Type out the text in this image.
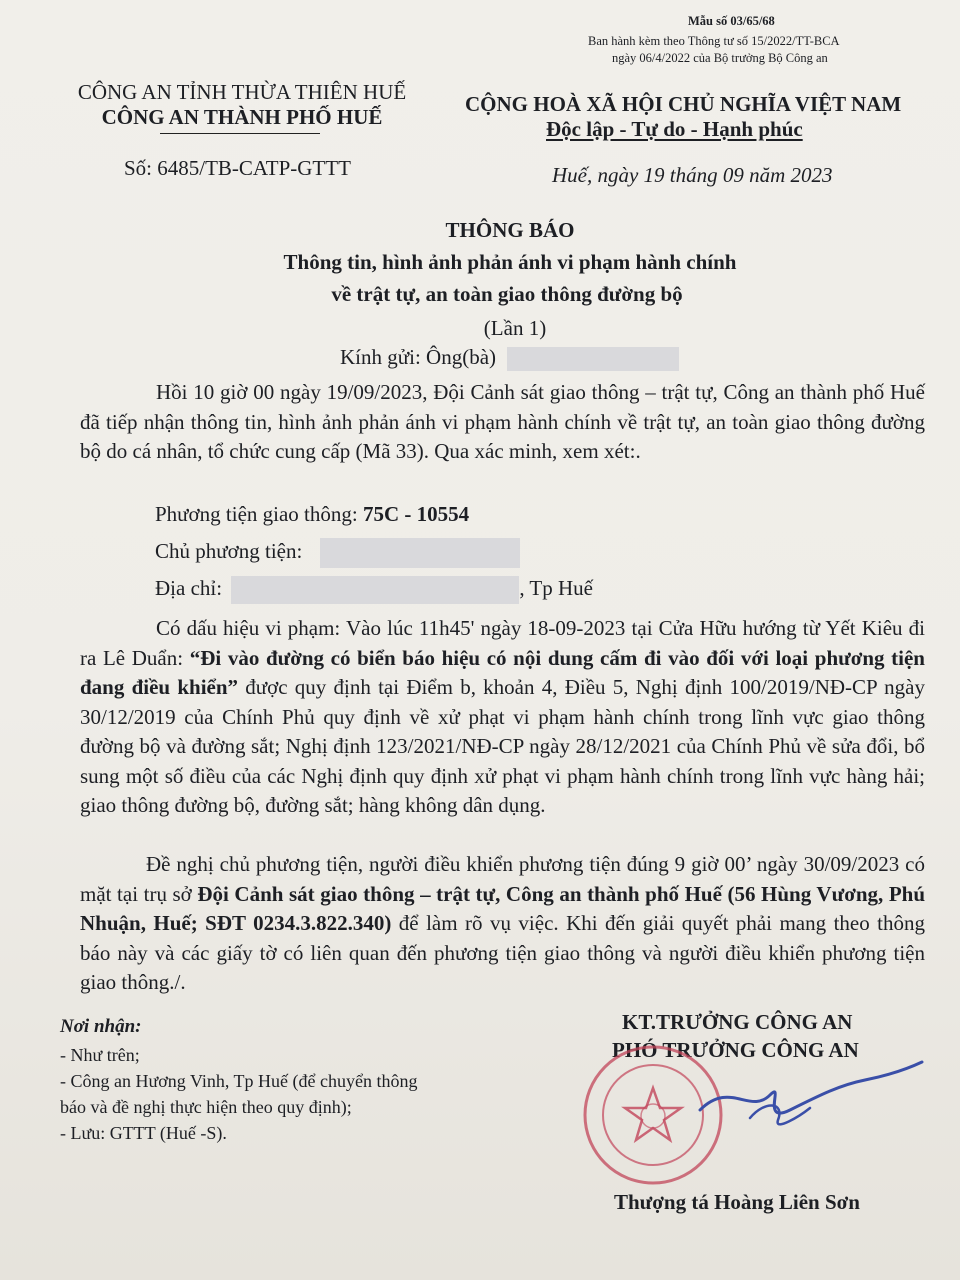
Mẫu số 03/65/68
Ban hành kèm theo Thông tư số 15/2022/TT-BCA
ngày 06/4/2022 của Bộ trưởng Bộ Công an
CÔNG AN TỈNH THỪA THIÊN HUẾ
CÔNG AN THÀNH PHỐ HUẾ
Số: 6485/TB-CATP-GTTT
CỘNG HOÀ XÃ HỘI CHỦ NGHĨA VIỆT NAM
Độc lập - Tự do - Hạnh phúc
Huế, ngày 19 tháng 09 năm 2023
THÔNG BÁO
Thông tin, hình ảnh phản ánh vi phạm hành chính
về trật tự, an toàn giao thông đường bộ
(Lần 1)
Kính gửi: Ông(bà)
Hồi 10 giờ 00 ngày 19/09/2023, Đội Cảnh sát giao thông – trật tự, Công an thành phố Huế đã tiếp nhận thông tin, hình ảnh phản ánh vi phạm hành chính về trật tự, an toàn giao thông đường bộ do cá nhân, tổ chức cung cấp (Mã 33). Qua xác minh, xem xét:.
Phương tiện giao thông: 75C - 10554
Chủ phương tiện:
Địa chỉ:	, Tp Huế
Có dấu hiệu vi phạm: Vào lúc 11h45' ngày 18-09-2023 tại Cửa Hữu hướng từ Yết Kiêu đi ra Lê Duẩn: “Đi vào đường có biển báo hiệu có nội dung cấm đi vào đối với loại phương tiện đang điều khiển” được quy định tại Điểm b, khoản 4, Điều 5, Nghị định 100/2019/NĐ-CP ngày 30/12/2019 của Chính Phủ quy định về xử phạt vi phạm hành chính trong lĩnh vực giao thông đường bộ và đường sắt; Nghị định 123/2021/NĐ-CP ngày 28/12/2021 của Chính Phủ về sửa đổi, bổ sung một số điều của các Nghị định quy định xử phạt vi phạm hành chính trong lĩnh vực hàng hải; giao thông đường bộ, đường sắt; hàng không dân dụng.
Đề nghị chủ phương tiện, người điều khiển phương tiện đúng 9 giờ 00’ ngày 30/09/2023 có mặt tại trụ sở Đội Cảnh sát giao thông – trật tự, Công an thành phố Huế (56 Hùng Vương, Phú Nhuận, Huế; SĐT 0234.3.822.340) để làm rõ vụ việc. Khi đến giải quyết phải mang theo thông báo này và các giấy tờ có liên quan đến phương tiện giao thông và người điều khiển phương tiện giao thông./.
Nơi nhận:
- Như trên;
- Công an Hương Vinh, Tp Huế (để chuyển thông
báo và đề nghị thực hiện theo quy định);
- Lưu: GTTT (Huế -S).
KT.TRƯỞNG CÔNG AN
PHÓ TRƯỞNG CÔNG AN
Thượng tá Hoàng Liên Sơn
